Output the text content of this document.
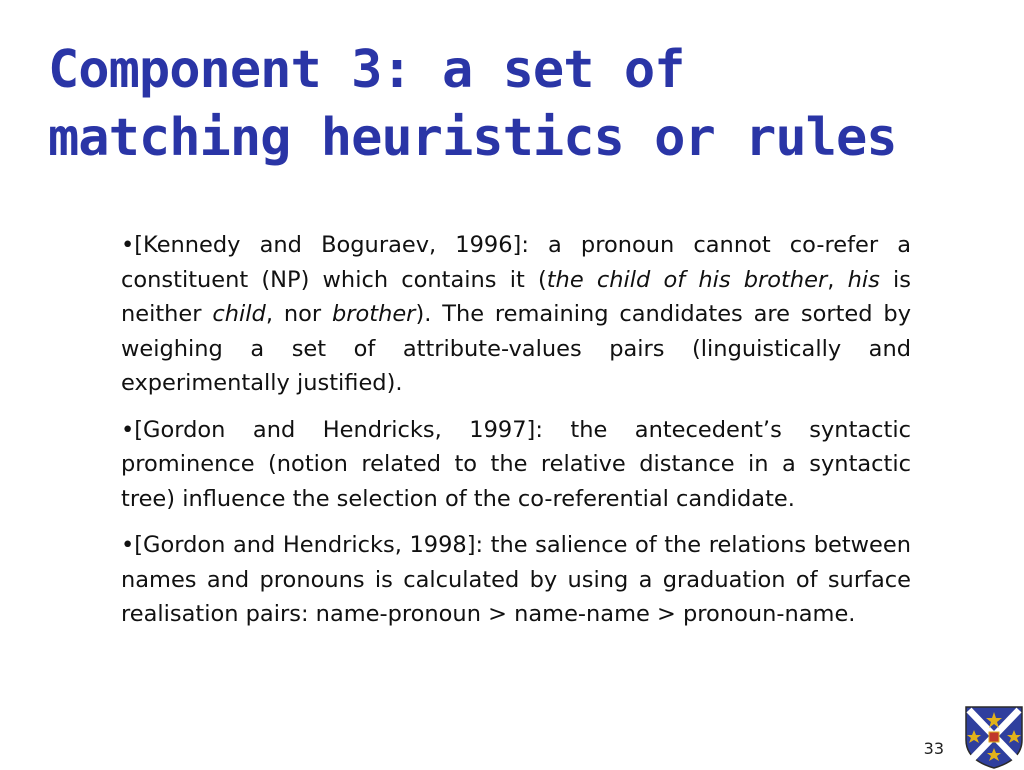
Component 3: a set of
matching heuristics or rules
•[Kennedy and Boguraev, 1996]: a pronoun cannot co-refer a constituent (NP) which contains it (the child of his brother, his is neither child, nor brother). The remaining candidates are sorted by weighing a set of attribute-values pairs (linguistically and experimentally justified).
•[Gordon and Hendricks, 1997]: the antecedent’s syntactic prominence (notion related to the relative distance in a syntactic tree) influence the selection of the co-referential candidate.
•[Gordon and Hendricks, 1998]: the salience of the relations between names and pronouns is calculated by using a graduation of surface realisation pairs: name-pronoun > name-name > pronoun-name.
33
